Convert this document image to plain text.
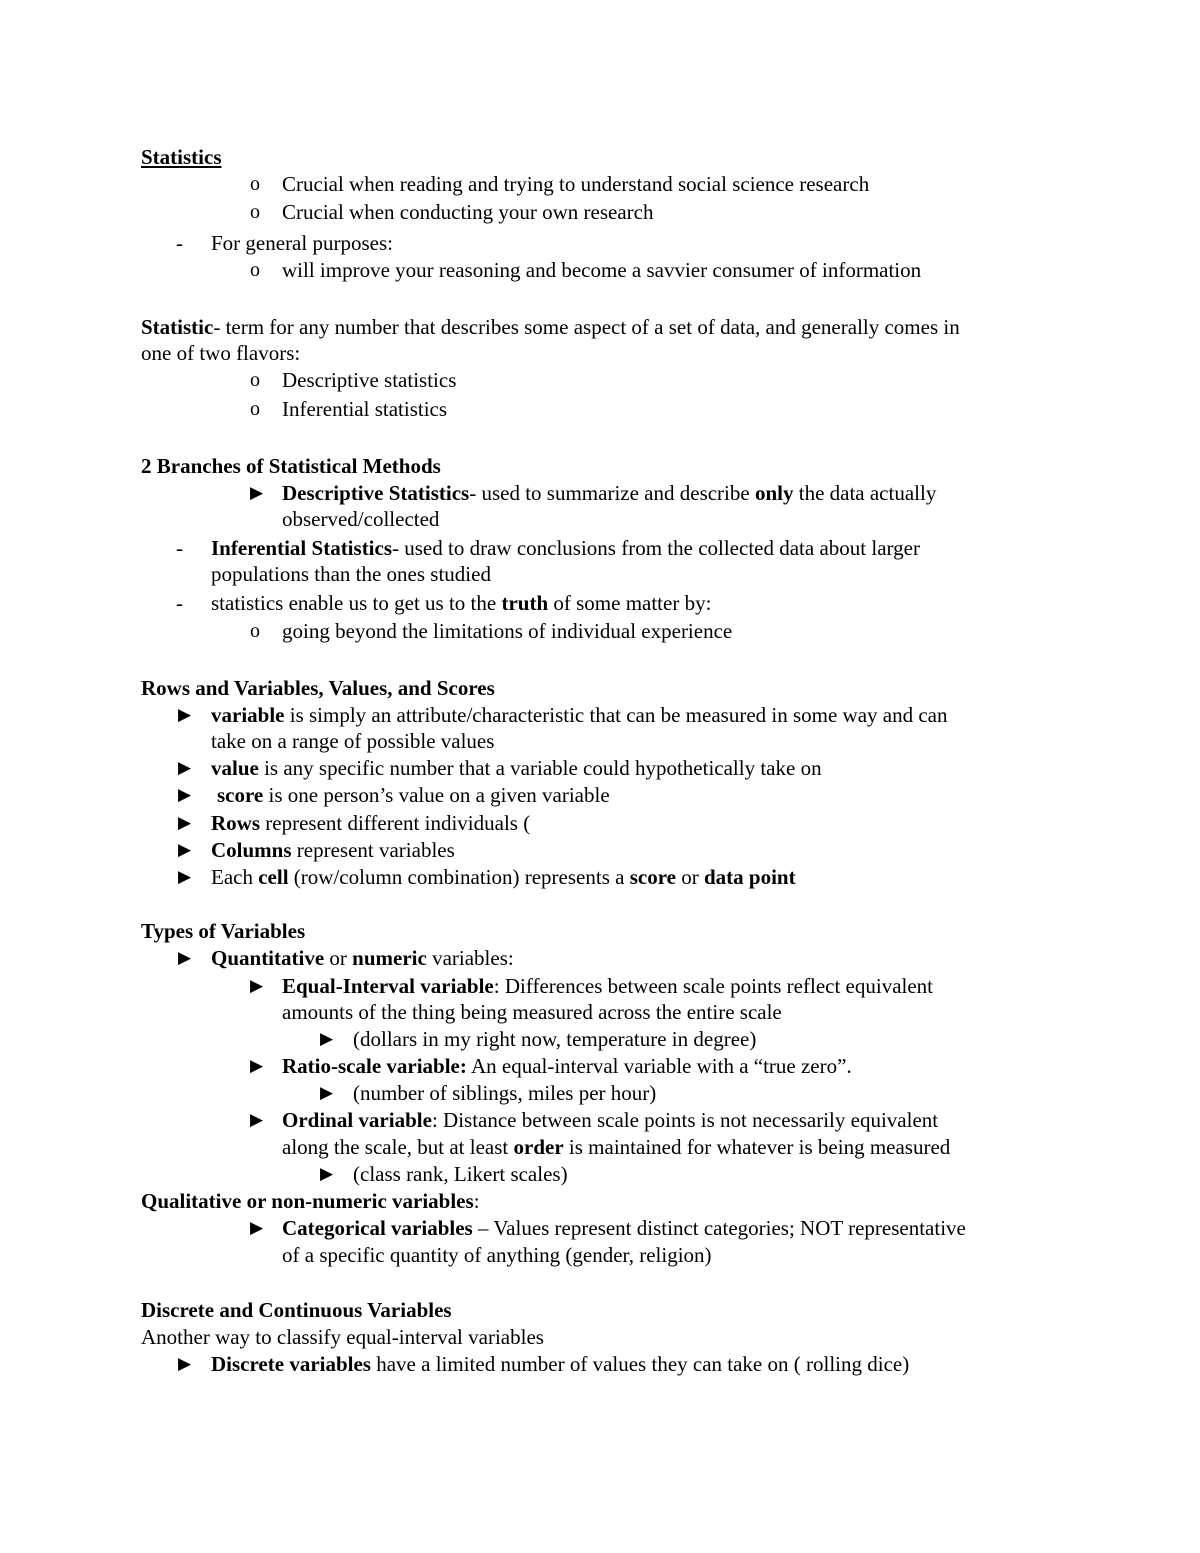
Statistics
o Crucial when reading and trying to understand social science research
o Crucial when conducting your own research
- For general purposes:
o will improve your reasoning and become a savvier consumer of information
Statistic- term for any number that describes some aspect of a set of data, and generally comes in
one of two flavors:
o Descriptive statistics
o Inferential statistics
2 Branches of Statistical Methods
▶ Descriptive Statistics- used to summarize and describe only the data actually
observed/collected
- Inferential Statistics- used to draw conclusions from the collected data about larger
populations than the ones studied
- statistics enable us to get us to the truth of some matter by:
o going beyond the limitations of individual experience
Rows and Variables, Values, and Scores
▶ variable is simply an attribute/characteristic that can be measured in some way and can
take on a range of possible values
▶ value is any specific number that a variable could hypothetically take on
▶ score is one person’s value on a given variable
▶ Rows represent different individuals (
▶ Columns represent variables
▶ Each cell (row/column combination) represents a score or data point
Types of Variables
▶ Quantitative or numeric variables:
▶ Equal-Interval variable: Differences between scale points reflect equivalent
amounts of the thing being measured across the entire scale
▶ (dollars in my right now, temperature in degree)
▶ Ratio-scale variable: An equal-interval variable with a “true zero”.
▶ (number of siblings, miles per hour)
▶ Ordinal variable: Distance between scale points is not necessarily equivalent
along the scale, but at least order is maintained for whatever is being measured
▶ (class rank, Likert scales)
Qualitative or non-numeric variables:
▶ Categorical variables – Values represent distinct categories; NOT representative
of a specific quantity of anything (gender, religion)
Discrete and Continuous Variables
Another way to classify equal-interval variables
▶ Discrete variables have a limited number of values they can take on ( rolling dice)
